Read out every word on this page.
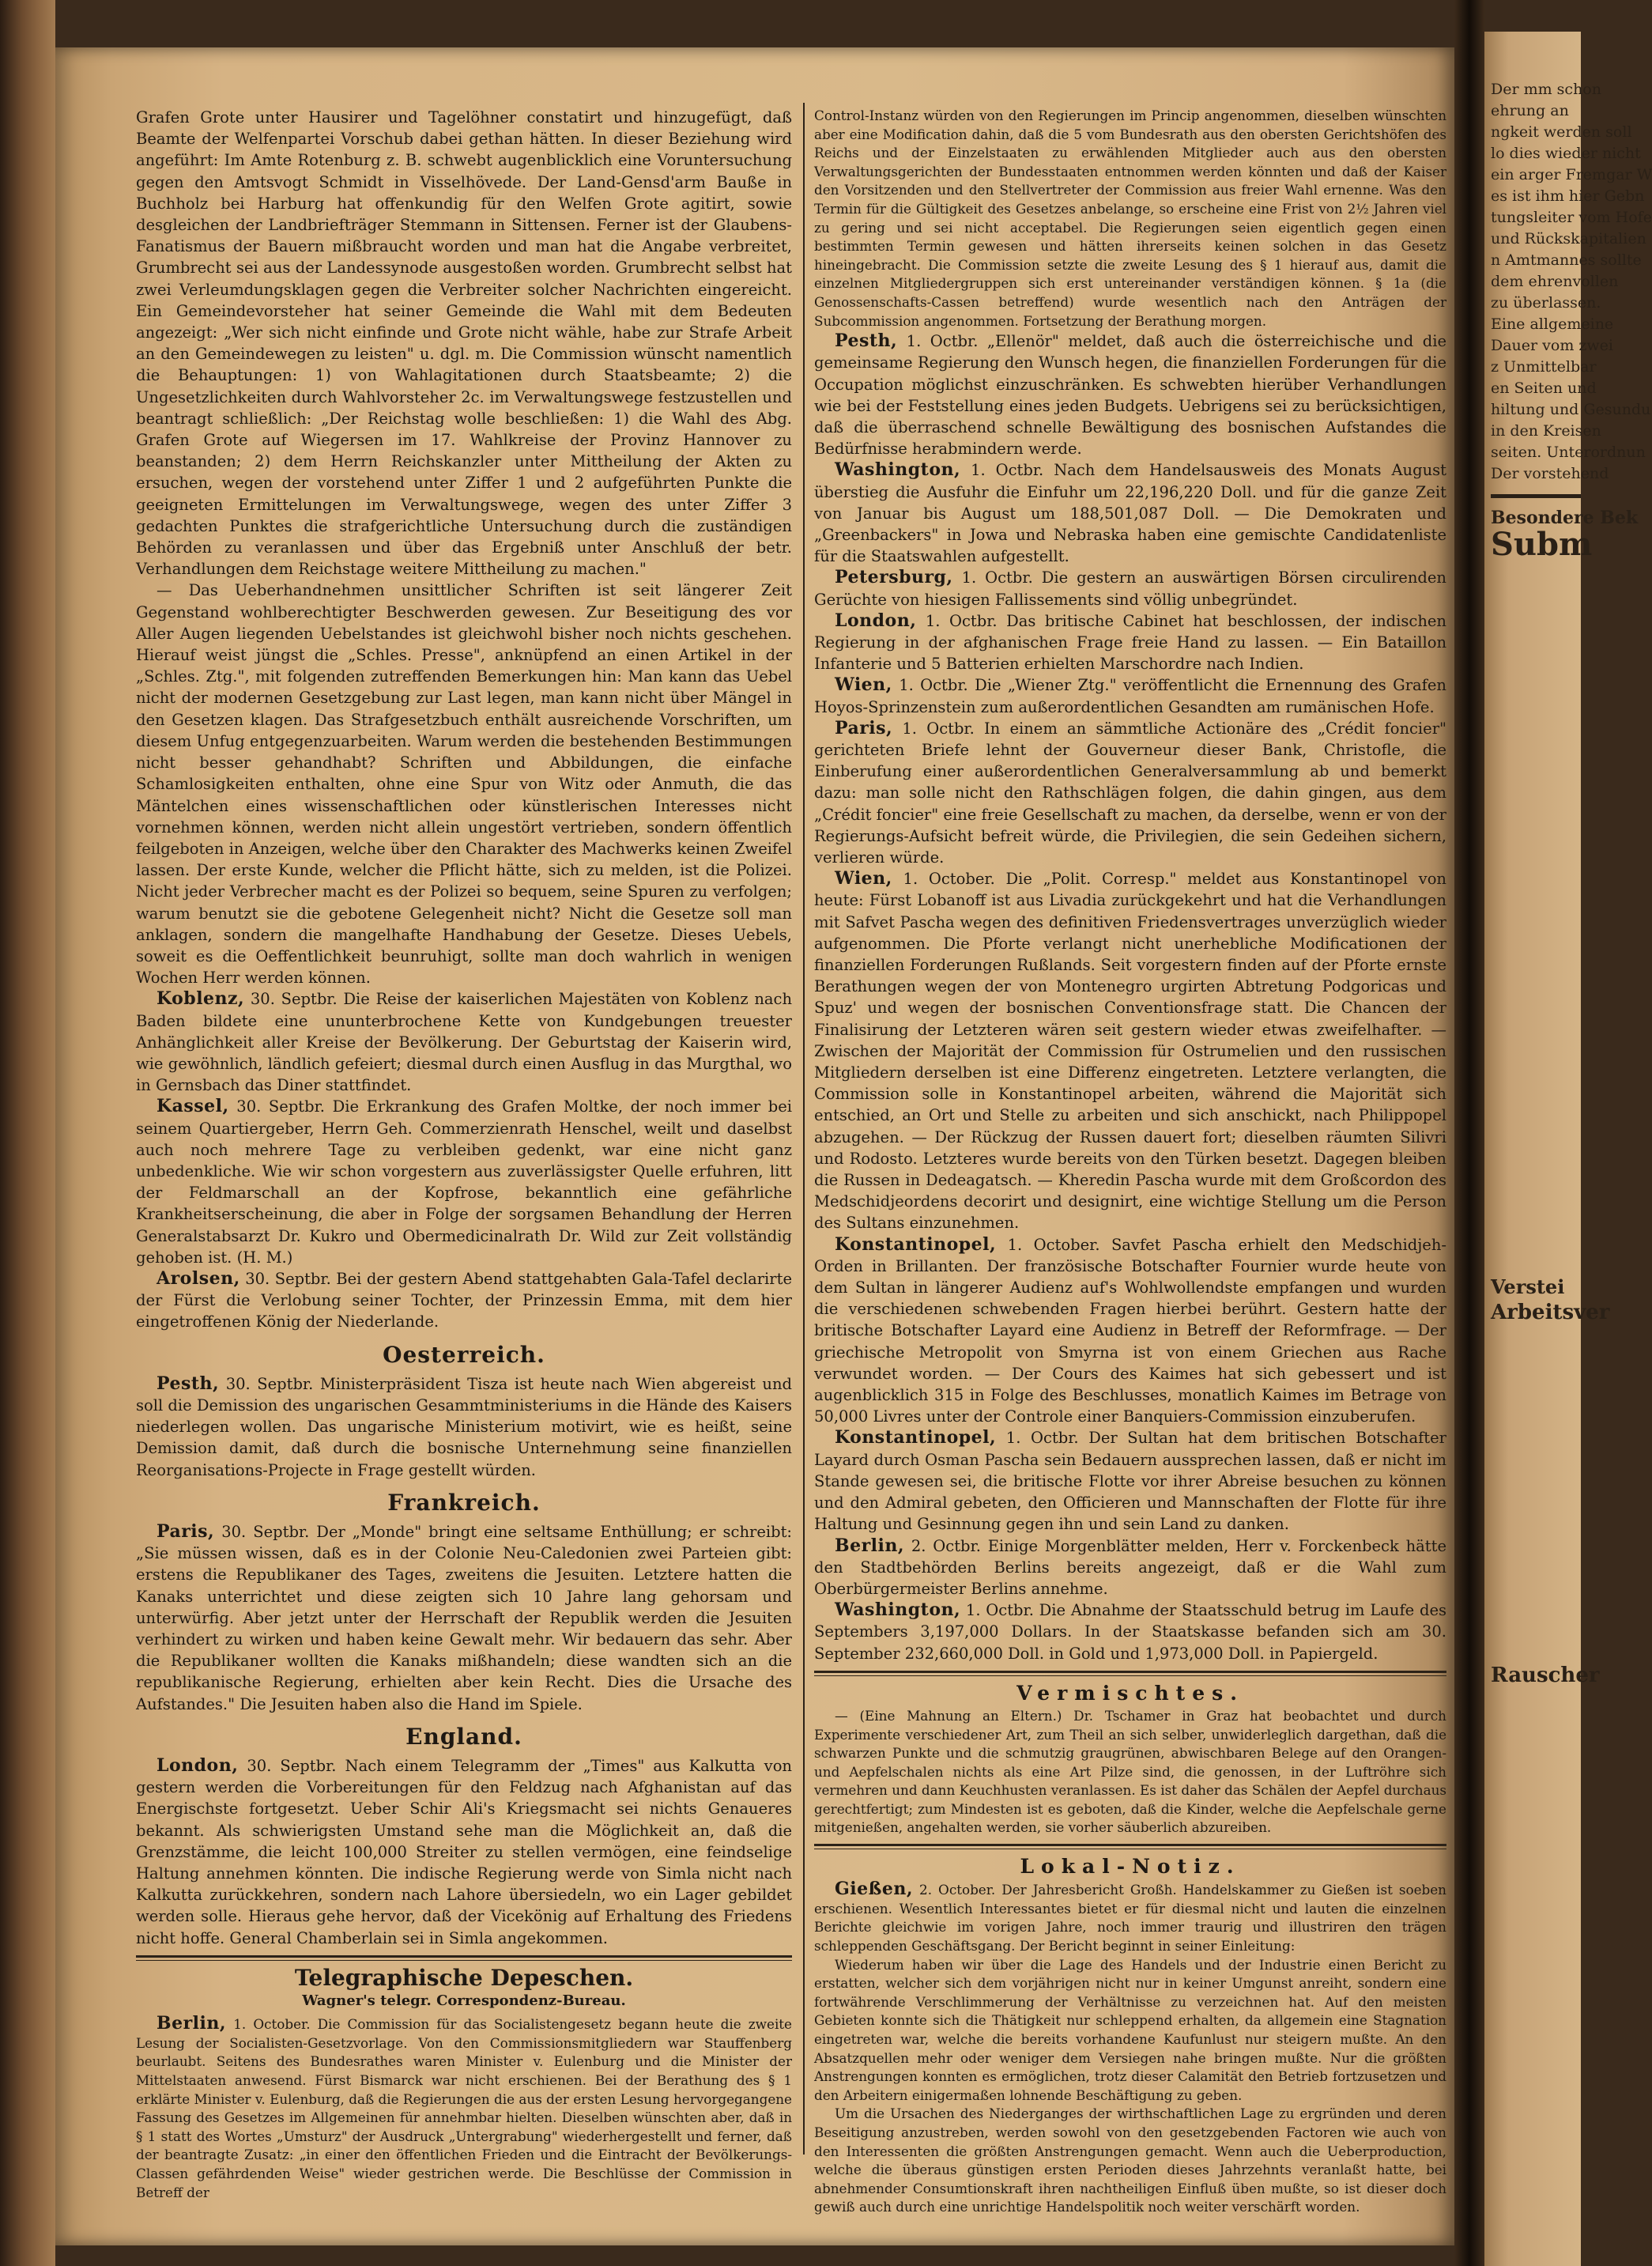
Grafen Grote unter Hausirer und Tagelöhner constatirt und hinzugefügt, daß Beamte der Welfenpartei Vorschub dabei gethan hätten. In dieser Beziehung wird angeführt: Im Amte Rotenburg z. B. schwebt augenblicklich eine Voruntersuchung gegen den Amtsvogt Schmidt in Visselhövede. Der Land-Gensd'arm Bauße in Buchholz bei Harburg hat offenkundig für den Welfen Grote agitirt, sowie desgleichen der Landbriefträger Stemmann in Sittensen. Ferner ist der Glaubens-Fanatismus der Bauern mißbraucht worden und man hat die Angabe verbreitet, Grumbrecht sei aus der Landessynode ausgestoßen worden. Grumbrecht selbst hat zwei Verleumdungsklagen gegen die Verbreiter solcher Nachrichten eingereicht. Ein Gemeindevorsteher hat seiner Gemeinde die Wahl mit dem Bedeuten angezeigt: „Wer sich nicht einfinde und Grote nicht wähle, habe zur Strafe Arbeit an den Gemeindewegen zu leisten" u. dgl. m. Die Commission wünscht namentlich die Behauptungen: 1) von Wahlagitationen durch Staatsbeamte; 2) die Ungesetzlichkeiten durch Wahlvorsteher 2c. im Verwaltungswege festzustellen und beantragt schließlich: „Der Reichstag wolle beschließen: 1) die Wahl des Abg. Grafen Grote auf Wiegersen im 17. Wahlkreise der Provinz Hannover zu beanstanden; 2) dem Herrn Reichskanzler unter Mittheilung der Akten zu ersuchen, wegen der vorstehend unter Ziffer 1 und 2 aufgeführten Punkte die geeigneten Ermittelungen im Verwaltungswege, wegen des unter Ziffer 3 gedachten Punktes die strafgerichtliche Untersuchung durch die zuständigen Behörden zu veranlassen und über das Ergebniß unter Anschluß der betr. Verhandlungen dem Reichstage weitere Mittheilung zu machen."

— Das Ueberhandnehmen unsittlicher Schriften ist seit längerer Zeit Gegenstand wohlberechtigter Beschwerden gewesen. Zur Beseitigung des vor Aller Augen liegenden Uebelstandes ist gleichwohl bisher noch nichts geschehen. Hierauf weist jüngst die „Schles. Presse", anknüpfend an einen Artikel in der „Schles. Ztg.", mit folgenden zutreffenden Bemerkungen hin: Man kann das Uebel nicht der modernen Gesetzgebung zur Last legen, man kann nicht über Mängel in den Gesetzen klagen. Das Strafgesetzbuch enthält ausreichende Vorschriften, um diesem Unfug entgegenzuarbeiten. Warum werden die bestehenden Bestimmungen nicht besser gehandhabt? Schriften und Abbildungen, die einfache Schamlosigkeiten enthalten, ohne eine Spur von Witz oder Anmuth, die das Mäntelchen eines wissenschaftlichen oder künstlerischen Interesses nicht vornehmen können, werden nicht allein ungestört vertrieben, sondern öffentlich feilgeboten in Anzeigen, welche über den Charakter des Machwerks keinen Zweifel lassen. Der erste Kunde, welcher die Pflicht hätte, sich zu melden, ist die Polizei. Nicht jeder Verbrecher macht es der Polizei so bequem, seine Spuren zu verfolgen; warum benutzt sie die gebotene Gelegenheit nicht? Nicht die Gesetze soll man anklagen, sondern die mangelhafte Handhabung der Gesetze. Dieses Uebels, soweit es die Oeffentlichkeit beunruhigt, sollte man doch wahrlich in wenigen Wochen Herr werden können.

Koblenz, 30. Septbr. Die Reise der kaiserlichen Majestäten von Koblenz nach Baden bildete eine ununterbrochene Kette von Kundgebungen treuester Anhänglichkeit aller Kreise der Bevölkerung. Der Geburtstag der Kaiserin wird, wie gewöhnlich, ländlich gefeiert; diesmal durch einen Ausflug in das Murgthal, wo in Gernsbach das Diner stattfindet.

Kassel, 30. Septbr. Die Erkrankung des Grafen Moltke, der noch immer bei seinem Quartiergeber, Herrn Geh. Commerzienrath Henschel, weilt und daselbst auch noch mehrere Tage zu verbleiben gedenkt, war eine nicht ganz unbedenkliche. Wie wir schon vorgestern aus zuverlässigster Quelle erfuhren, litt der Feldmarschall an der Kopfrose, bekanntlich eine gefährliche Krankheitserscheinung, die aber in Folge der sorgsamen Behandlung der Herren Generalstabsarzt Dr. Kukro und Obermedicinalrath Dr. Wild zur Zeit vollständig gehoben ist. (H. M.)

Arolsen, 30. Septbr. Bei der gestern Abend stattgehabten Gala-Tafel declarirte der Fürst die Verlobung seiner Tochter, der Prinzessin Emma, mit dem hier eingetroffenen König der Niederlande.

Oesterreich.

Pesth, 30. Septbr. Ministerpräsident Tisza ist heute nach Wien abgereist und soll die Demission des ungarischen Gesammtministeriums in die Hände des Kaisers niederlegen wollen. Das ungarische Ministerium motivirt, wie es heißt, seine Demission damit, daß durch die bosnische Unternehmung seine finanziellen Reorganisations-Projecte in Frage gestellt würden.

Frankreich.

Paris, 30. Septbr. Der „Monde" bringt eine seltsame Enthüllung; er schreibt: „Sie müssen wissen, daß es in der Colonie Neu-Caledonien zwei Parteien gibt: erstens die Republikaner des Tages, zweitens die Jesuiten. Letztere hatten die Kanaks unterrichtet und diese zeigten sich 10 Jahre lang gehorsam und unterwürfig. Aber jetzt unter der Herrschaft der Republik werden die Jesuiten verhindert zu wirken und haben keine Gewalt mehr. Wir bedauern das sehr. Aber die Republikaner wollten die Kanaks mißhandeln; diese wandten sich an die republikanische Regierung, erhielten aber kein Recht. Dies die Ursache des Aufstandes." Die Jesuiten haben also die Hand im Spiele.

England.

London, 30. Septbr. Nach einem Telegramm der „Times" aus Kalkutta von gestern werden die Vorbereitungen für den Feldzug nach Afghanistan auf das Energischste fortgesetzt. Ueber Schir Ali's Kriegsmacht sei nichts Genaueres bekannt. Als schwierigsten Umstand sehe man die Möglichkeit an, daß die Grenzstämme, die leicht 100,000 Streiter zu stellen vermögen, eine feindselige Haltung annehmen könnten. Die indische Regierung werde von Simla nicht nach Kalkutta zurückkehren, sondern nach Lahore übersiedeln, wo ein Lager gebildet werden solle. Hieraus gehe hervor, daß der Vicekönig auf Erhaltung des Friedens nicht hoffe. General Chamberlain sei in Simla angekommen.

Telegraphische Depeschen.
Wagner's telegr. Correspondenz-Bureau.

Berlin, 1. October. Die Commission für das Socialistengesetz begann heute die zweite Lesung der Socialisten-Gesetzvorlage. Von den Commissionsmitgliedern war Stauffenberg beurlaubt. Seitens des Bundesrathes waren Minister v. Eulenburg und die Minister der Mittelstaaten anwesend. Fürst Bismarck war nicht erschienen. Bei der Berathung des § 1 erklärte Minister v. Eulenburg, daß die Regierungen die aus der ersten Lesung hervorgegangene Fassung des Gesetzes im Allgemeinen für annehmbar hielten. Dieselben wünschten aber, daß in § 1 statt des Wortes „Umsturz" der Ausdruck „Untergrabung" wiederhergestellt und ferner, daß der beantragte Zusatz: „in einer den öffentlichen Frieden und die Eintracht der Bevölkerungs-Classen gefährdenden Weise" wieder gestrichen werde. Die Beschlüsse der Commission in Betreff der

Control-Instanz würden von den Regierungen im Princip angenommen, dieselben wünschten aber eine Modification dahin, daß die 5 vom Bundesrath aus den obersten Gerichtshöfen des Reichs und der Einzelstaaten zu erwählenden Mitglieder auch aus den obersten Verwaltungsgerichten der Bundesstaaten entnommen werden könnten und daß der Kaiser den Vorsitzenden und den Stellvertreter der Commission aus freier Wahl ernenne. Was den Termin für die Gültigkeit des Gesetzes anbelange, so erscheine eine Frist von 2½ Jahren viel zu gering und sei nicht acceptabel. Die Regierungen seien eigentlich gegen einen bestimmten Termin gewesen und hätten ihrerseits keinen solchen in das Gesetz hineingebracht. Die Commission setzte die zweite Lesung des § 1 hierauf aus, damit die einzelnen Mitgliedergruppen sich erst untereinander verständigen können. § 1a (die Genossenschafts-Cassen betreffend) wurde wesentlich nach den Anträgen der Subcommission angenommen. Fortsetzung der Berathung morgen.

Pesth, 1. Octbr. „Ellenör" meldet, daß auch die österreichische und die gemeinsame Regierung den Wunsch hegen, die finanziellen Forderungen für die Occupation möglichst einzuschränken. Es schwebten hierüber Verhandlungen wie bei der Feststellung eines jeden Budgets. Uebrigens sei zu berücksichtigen, daß die überraschend schnelle Bewältigung des bosnischen Aufstandes die Bedürfnisse herabmindern werde.

Washington, 1. Octbr. Nach dem Handelsausweis des Monats August überstieg die Ausfuhr die Einfuhr um 22,196,220 Doll. und für die ganze Zeit von Januar bis August um 188,501,087 Doll. — Die Demokraten und „Greenbackers" in Jowa und Nebraska haben eine gemischte Candidatenliste für die Staatswahlen aufgestellt.

Petersburg, 1. Octbr. Die gestern an auswärtigen Börsen circulirenden Gerüchte von hiesigen Fallissements sind völlig unbegründet.

London, 1. Octbr. Das britische Cabinet hat beschlossen, der indischen Regierung in der afghanischen Frage freie Hand zu lassen. — Ein Bataillon Infanterie und 5 Batterien erhielten Marschordre nach Indien.

Wien, 1. Octbr. Die „Wiener Ztg." veröffentlicht die Ernennung des Grafen Hoyos-Sprinzenstein zum außerordentlichen Gesandten am rumänischen Hofe.

Paris, 1. Octbr. In einem an sämmtliche Actionäre des „Crédit foncier" gerichteten Briefe lehnt der Gouverneur dieser Bank, Christofle, die Einberufung einer außerordentlichen Generalversammlung ab und bemerkt dazu: man solle nicht den Rathschlägen folgen, die dahin gingen, aus dem „Crédit foncier" eine freie Gesellschaft zu machen, da derselbe, wenn er von der Regierungs-Aufsicht befreit würde, die Privilegien, die sein Gedeihen sichern, verlieren würde.

Wien, 1. October. Die „Polit. Corresp." meldet aus Konstantinopel von heute: Fürst Lobanoff ist aus Livadia zurückgekehrt und hat die Verhandlungen mit Safvet Pascha wegen des definitiven Friedensvertrages unverzüglich wieder aufgenommen. Die Pforte verlangt nicht unerhebliche Modificationen der finanziellen Forderungen Rußlands. Seit vorgestern finden auf der Pforte ernste Berathungen wegen der von Montenegro urgirten Abtretung Podgoricas und Spuz' und wegen der bosnischen Conventionsfrage statt. Die Chancen der Finalisirung der Letzteren wären seit gestern wieder etwas zweifelhafter. — Zwischen der Majorität der Commission für Ostrumelien und den russischen Mitgliedern derselben ist eine Differenz eingetreten. Letztere verlangten, die Commission solle in Konstantinopel arbeiten, während die Majorität sich entschied, an Ort und Stelle zu arbeiten und sich anschickt, nach Philippopel abzugehen. — Der Rückzug der Russen dauert fort; dieselben räumten Silivri und Rodosto. Letzteres wurde bereits von den Türken besetzt. Dagegen bleiben die Russen in Dedeagatsch. — Kheredin Pascha wurde mit dem Großcordon des Medschidjeordens decorirt und designirt, eine wichtige Stellung um die Person des Sultans einzunehmen.

Konstantinopel, 1. October. Savfet Pascha erhielt den Medschidjeh-Orden in Brillanten. Der französische Botschafter Fournier wurde heute von dem Sultan in längerer Audienz auf's Wohlwollendste empfangen und wurden die verschiedenen schwebenden Fragen hierbei berührt. Gestern hatte der britische Botschafter Layard eine Audienz in Betreff der Reformfrage. — Der griechische Metropolit von Smyrna ist von einem Griechen aus Rache verwundet worden. — Der Cours des Kaimes hat sich gebessert und ist augenblicklich 315 in Folge des Beschlusses, monatlich Kaimes im Betrage von 50,000 Livres unter der Controle einer Banquiers-Commission einzuberufen.

Konstantinopel, 1. Octbr. Der Sultan hat dem britischen Botschafter Layard durch Osman Pascha sein Bedauern aussprechen lassen, daß er nicht im Stande gewesen sei, die britische Flotte vor ihrer Abreise besuchen zu können und den Admiral gebeten, den Officieren und Mannschaften der Flotte für ihre Haltung und Gesinnung gegen ihn und sein Land zu danken.

Berlin, 2. Octbr. Einige Morgenblätter melden, Herr v. Forckenbeck hätte den Stadtbehörden Berlins bereits angezeigt, daß er die Wahl zum Oberbürgermeister Berlins annehme.

Washington, 1. Octbr. Die Abnahme der Staatsschuld betrug im Laufe des Septembers 3,197,000 Dollars. In der Staatskasse befanden sich am 30. September 232,660,000 Doll. in Gold und 1,973,000 Doll. in Papiergeld.

Vermischtes.

— (Eine Mahnung an Eltern.) Dr. Tschamer in Graz hat beobachtet und durch Experimente verschiedener Art, zum Theil an sich selber, unwiderleglich dargethan, daß die schwarzen Punkte und die schmutzig graugrünen, abwischbaren Belege auf den Orangen- und Aepfelschalen nichts als eine Art Pilze sind, die genossen, in der Luftröhre sich vermehren und dann Keuchhusten veranlassen. Es ist daher das Schälen der Aepfel durchaus gerechtfertigt; zum Mindesten ist es geboten, daß die Kinder, welche die Aepfelschale gerne mitgenießen, angehalten werden, sie vorher säuberlich abzureiben.

Lokal-Notiz.

Gießen, 2. October. Der Jahresbericht Großh. Handelskammer zu Gießen ist soeben erschienen. Wesentlich Interessantes bietet er für diesmal nicht und lauten die einzelnen Berichte gleichwie im vorigen Jahre, noch immer traurig und illustriren den trägen schleppenden Geschäftsgang. Der Bericht beginnt in seiner Einleitung:

Wiederum haben wir über die Lage des Handels und der Industrie einen Bericht zu erstatten, welcher sich dem vorjährigen nicht nur in keiner Umgunst anreiht, sondern eine fortwährende Verschlimmerung der Verhältnisse zu verzeichnen hat. Auf den meisten Gebieten konnte sich die Thätigkeit nur schleppend erhalten, da allgemein eine Stagnation eingetreten war, welche die bereits vorhandene Kaufunlust nur steigern mußte. An den Absatzquellen mehr oder weniger dem Versiegen nahe bringen mußte. Nur die größten Anstrengungen konnten es ermöglichen, trotz dieser Calamität den Betrieb fortzusetzen und den Arbeitern einigermaßen lohnende Beschäftigung zu geben.

Um die Ursachen des Niederganges der wirthschaftlichen Lage zu ergründen und deren Beseitigung anzustreben, werden sowohl von den gesetzgebenden Factoren wie auch von den Interessenten die größten Anstrengungen gemacht. Wenn auch die Ueberproduction, welche die überaus günstigen ersten Perioden dieses Jahrzehnts veranlaßt hatte, bei abnehmender Consumtionskraft ihren nachtheiligen Einfluß üben mußte, so ist dieser doch gewiß auch durch eine unrichtige Handelspolitik noch weiter verschärft worden.

Der mm schon

ehrung an

ngkeit werden soll

lo dies wieder nicht

ein arger Fremgar W

es ist ihm hier Gebn

tungsleiter vom Hofe

und Rückskapitalien

n Amtmannes sollte

dem ehrenvollen

zu überlassen.

Eine allgemeine

Dauer vom zwei

z Unmittelbar

en Seiten und

hiltung und Gesundu

in den Kreisen

seiten. Unterordnun

Der vorstehend

Besondere Bek
Subm
Verstei
Arbeitsver
Rauscher
